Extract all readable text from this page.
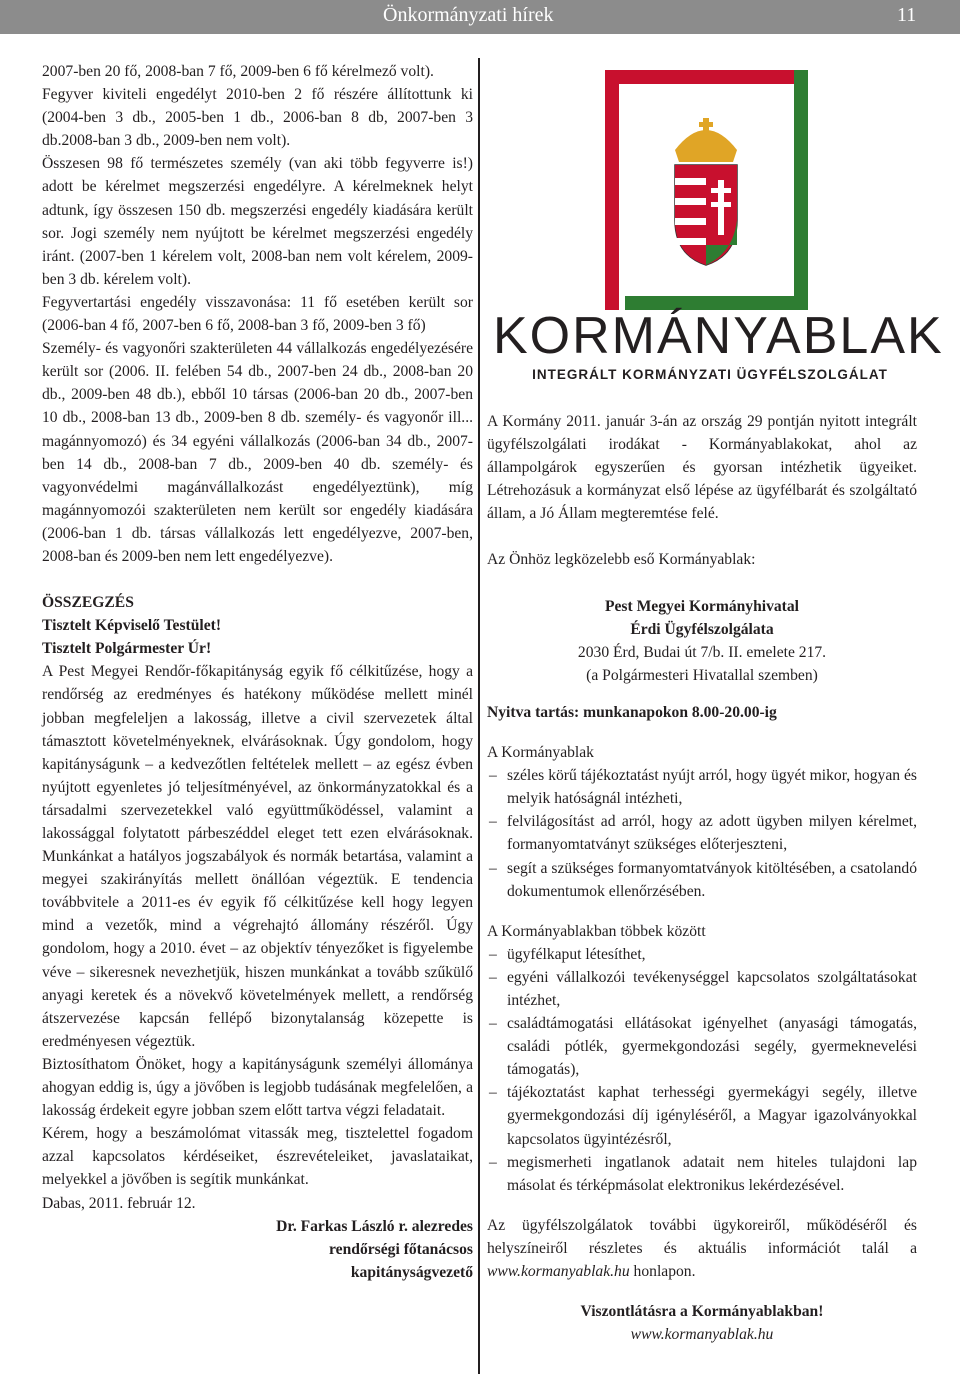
Önkormányzati hírek	11

2007-ben 20 fő, 2008-ban 7 fő, 2009-ben 6 fő kérelmező volt).

Fegyver kiviteli engedélyt 2010-ben 2 fő részére állítottunk ki (2004-ben 3 db., 2005-ben 1 db., 2006-ban 8 db, 2007-ben 3 db.2008-ban 3 db., 2009-ben nem volt).

Összesen 98 fő természetes személy (van aki több fegyverre is!) adott be kérelmet megszerzési engedélyre. A kérelmeknek helyt adtunk, így összesen 150 db. megszerzési engedély kiadására került sor. Jogi személy nem nyújtott be kérelmet megszerzési engedély iránt. (2007-ben 1 kérelem volt, 2008-ban nem volt kérelem, 2009-ben 3 db. kérelem volt).

Fegyvertartási engedély visszavonása: 11 fő esetében került sor (2006-ban 4 fő, 2007-ben 6 fő, 2008-ban 3 fő, 2009-ben 3 fő)

Személy- és vagyonőri szakterületen 44 vállalkozás engedélyezésére került sor (2006. II. felében 54 db., 2007-ben 24 db., 2008-ban 20 db., 2009-ben 48 db.), ebből 10 társas (2006-ban 20 db., 2007-ben 10 db., 2008-ban 13 db., 2009-ben 8 db. személy- és vagyonőr ill... magánnyomozó) és 34 egyéni vállalkozás (2006-ban 34 db., 2007-ben 14 db., 2008-ban 7 db., 2009-ben 40 db. személy- és vagyonvédelmi magánvállalkozást engedélyeztünk), míg magánnyomozói szakterületen nem került sor engedély kiadására (2006-ban 1 db. társas vállalkozás lett engedélyezve, 2007-ben, 2008-ban és 2009-ben nem lett engedélyezve).

ÖSSZEGZÉS

Tisztelt Képviselő Testület!

Tisztelt Polgármester Úr!

A Pest Megyei Rendőr-főkapitányság egyik fő célkitűzése, hogy a rendőrség az eredményes és hatékony működése mellett minél jobban megfeleljen a lakosság, illetve a civil szervezetek által támasztott követelményeknek, elvárásoknak. Úgy gondolom, hogy kapitányságunk – a kedvezőtlen feltételek mellett – az egész évben nyújtott egyenletes jó teljesítményével, az önkormányzatokkal és a társadalmi szervezetekkel való együttműködéssel, valamint a lakossággal folytatott párbeszéddel eleget tett ezen elvárásoknak. Munkánkat a hatályos jogszabályok és normák betartása, valamint a megyei szakirányítás mellett önállóan végeztük. E tendencia továbbvitele a 2011-es év egyik fő célkitűzése kell hogy legyen mind a vezetők, mind a végrehajtó állomány részéről. Úgy gondolom, hogy a 2010. évet – az objektív tényezőket is figyelembe véve – sikeresnek nevezhetjük, hiszen munkánkat a tovább szűkülő anyagi keretek és a növekvő követelmények mellett, a rendőrség átszervezése kapcsán fellépő bizonytalanság közepette is eredményesen végeztük.

Biztosíthatom Önöket, hogy a kapitányságunk személyi állománya ahogyan eddig is, úgy a jövőben is legjobb tudásának megfelelően, a lakosság érdekeit egyre jobban szem előtt tartva végzi feladatait.

Kérem, hogy a beszámolómat vitassák meg, tisztelettel fogadom azzal kapcsolatos kérdéseiket, észrevételeiket, javaslataikat, melyekkel a jövőben is segítik munkánkat.

Dabas, 2011. február 12.

Dr. Farkas László r. alezredes

rendőrségi főtanácsos

kapitányságvezető

KORMÁNYABLAK
INTEGRÁLT KORMÁNYZATI ÜGYFÉLSZOLGÁLAT

A Kormány 2011. január 3-án az ország 29 pontján nyitott integrált ügyfélszolgálati irodákat - Kormányablakokat, ahol az állampolgárok egyszerűen és gyorsan intézhetik ügyeiket. Létrehozásuk a kormányzat első lépése az ügyfélbarát és szolgáltató állam, a Jó Állam megteremtése felé.

Az Önhöz legközelebb eső Kormányablak:

Pest Megyei Kormányhivatal

Érdi Ügyfélszolgálata

2030 Érd, Budai út 7/b. II. emelete 217.

(a Polgármesteri Hivatallal szemben)

Nyitva tartás: munkanapokon 8.00-20.00-ig

A Kormányablak

– széles körű tájékoztatást nyújt arról, hogy ügyét mikor, hogyan és melyik hatóságnál intézheti,
– felvilágosítást ad arról, hogy az adott ügyben milyen kérelmet, formanyomtatványt szükséges előterjeszteni,
– segít a szükséges formanyomtatványok kitöltésében, a csatolandó dokumentumok ellenőrzésében.

A Kormányablakban többek között

– ügyfélkaput létesíthet,
– egyéni vállalkozói tevékenységgel kapcsolatos szolgáltatásokat intézhet,
– családtámogatási ellátásokat igényelhet (anyasági támogatás, családi pótlék, gyermekgondozási segély, gyermeknevelési támogatás),
– tájékoztatást kaphat terhességi gyermekágyi segély, illetve gyermekgondozási díj igényléséről, a Magyar igazolványokkal kapcsolatos ügyintézésről,
– megismerheti ingatlanok adatait nem hiteles tulajdoni lap másolat és térképmásolat elektronikus lekérdezésével.

Az ügyfélszolgálatok további ügykoreiről, működéséről és helyszíneiről részletes és aktuális információt talál a www.kormanyablak.hu honlapon.

Viszontlátásra a Kormányablakban!

www.kormanyablak.hu
